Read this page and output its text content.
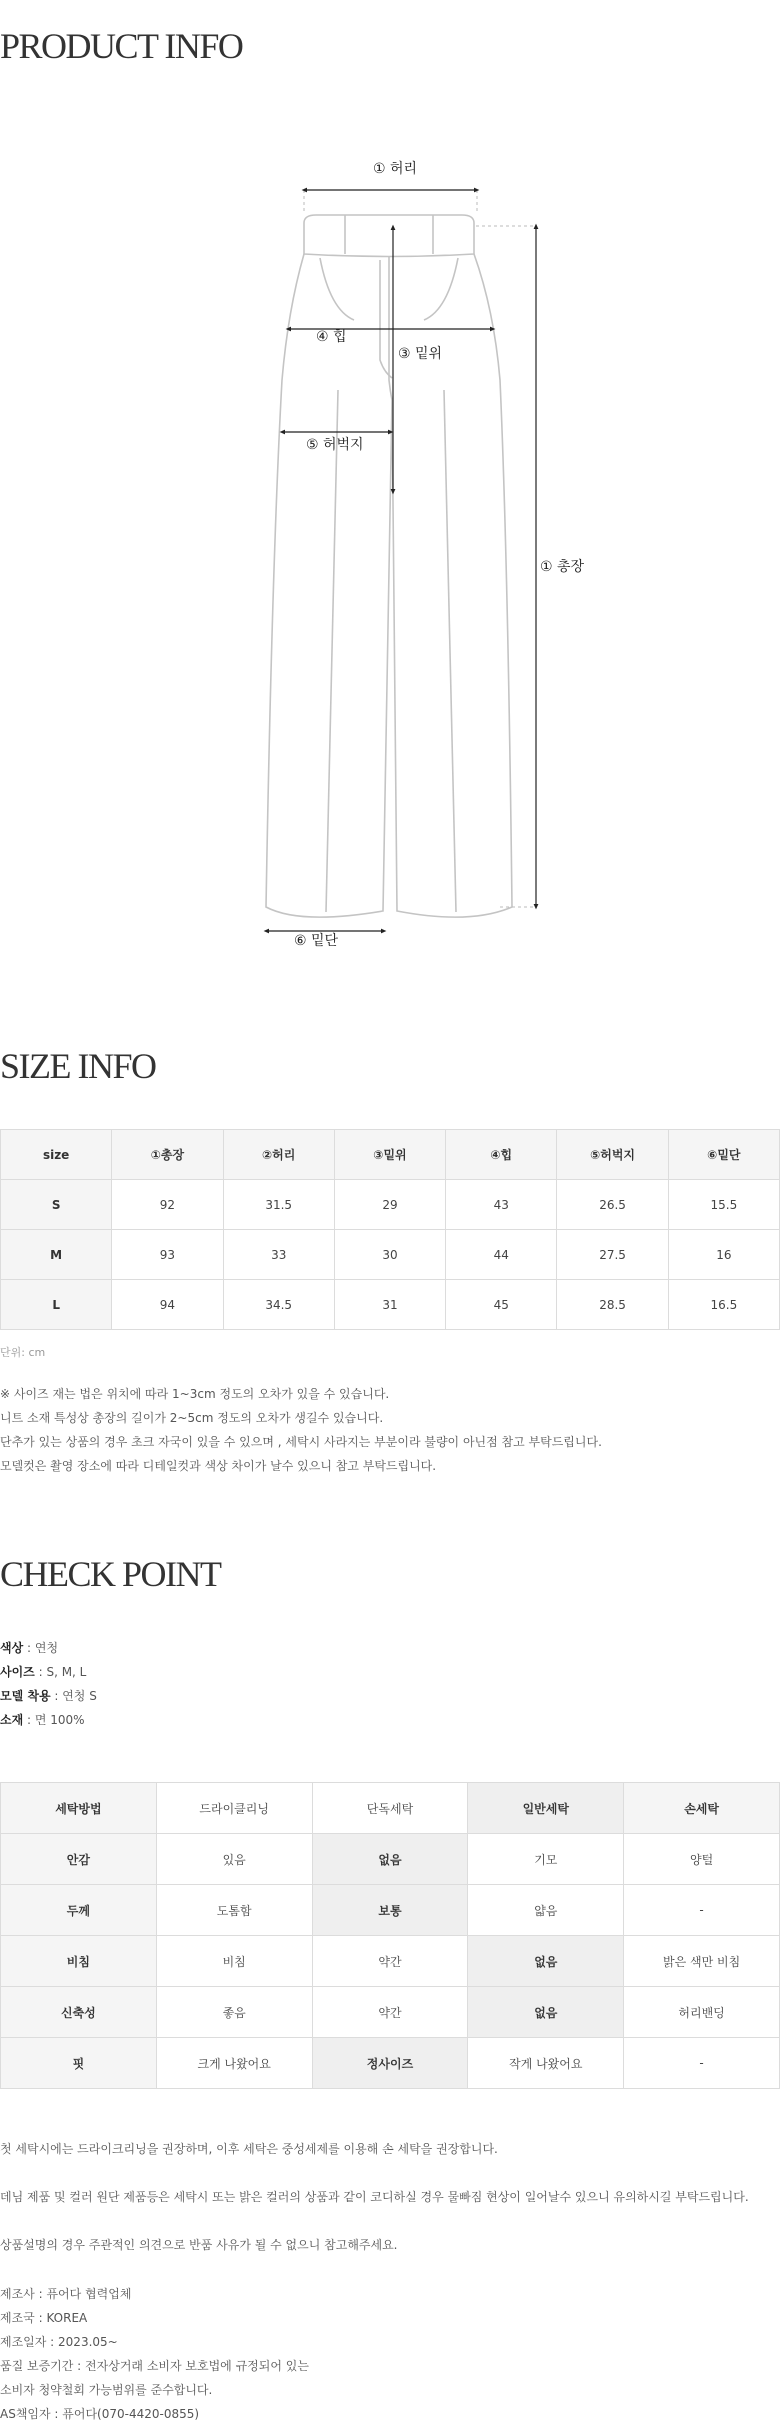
PRODUCT INFO
① 허리
④ 힙
③ 밑위
⑤ 허벅지
① 총장
⑥ 밑단
SIZE INFO
size	①총장	②허리	③밑위	④힙	⑤허벅지	⑥밑단
S	92	31.5	29	43	26.5	15.5
M	93	33	30	44	27.5	16
L	94	34.5	31	45	28.5	16.5

단위: cm

※ 사이즈 재는 법은 위치에 따라 1~3cm 정도의 오차가 있을 수 있습니다.
니트 소재 특성상 총장의 길이가 2~5cm 정도의 오차가 생길수 있습니다.
단추가 있는 상품의 경우 초크 자국이 있을 수 있으며 , 세탁시 사라지는 부분이라 불량이 아닌점 참고 부탁드립니다.
모델컷은 촬영 장소에 따라 디테일컷과 색상 차이가 날수 있으니 참고 부탁드립니다.
CHECK POINT
색상 : 연청
사이즈 : S, M, L
모델 착용 : 연청 S
소재 : 면 100%
세탁방법	드라이클리닝	단독세탁	일반세탁	손세탁
안감	있음	없음	기모	양털
두께	도톰함	보통	얇음	-
비침	비침	약간	없음	밝은 색만 비침
신축성	좋음	약간	없음	허리밴딩
핏	크게 나왔어요	정사이즈	작게 나왔어요	-

첫 세탁시에는 드라이크리닝을 권장하며, 이후 세탁은 중성세제를 이용해 손 세탁을 권장합니다.

데님 제품 및 컬러 원단 제품등은 세탁시 또는 밝은 컬러의 상품과 같이 코디하실 경우 물빠짐 현상이 일어날수 있으니 유의하시길 부탁드립니다.

상품설명의 경우 주관적인 의견으로 반품 사유가 될 수 없으니 참고해주세요.

제조사 : 퓨어다 협력업체
제조국 : KOREA
제조일자 : 2023.05~
품질 보증기간 : 전자상거래 소비자 보호법에 규정되어 있는
소비자 청약철회 가능범위를 준수합니다.
AS책임자 : 퓨어다(070-4420-0855)
